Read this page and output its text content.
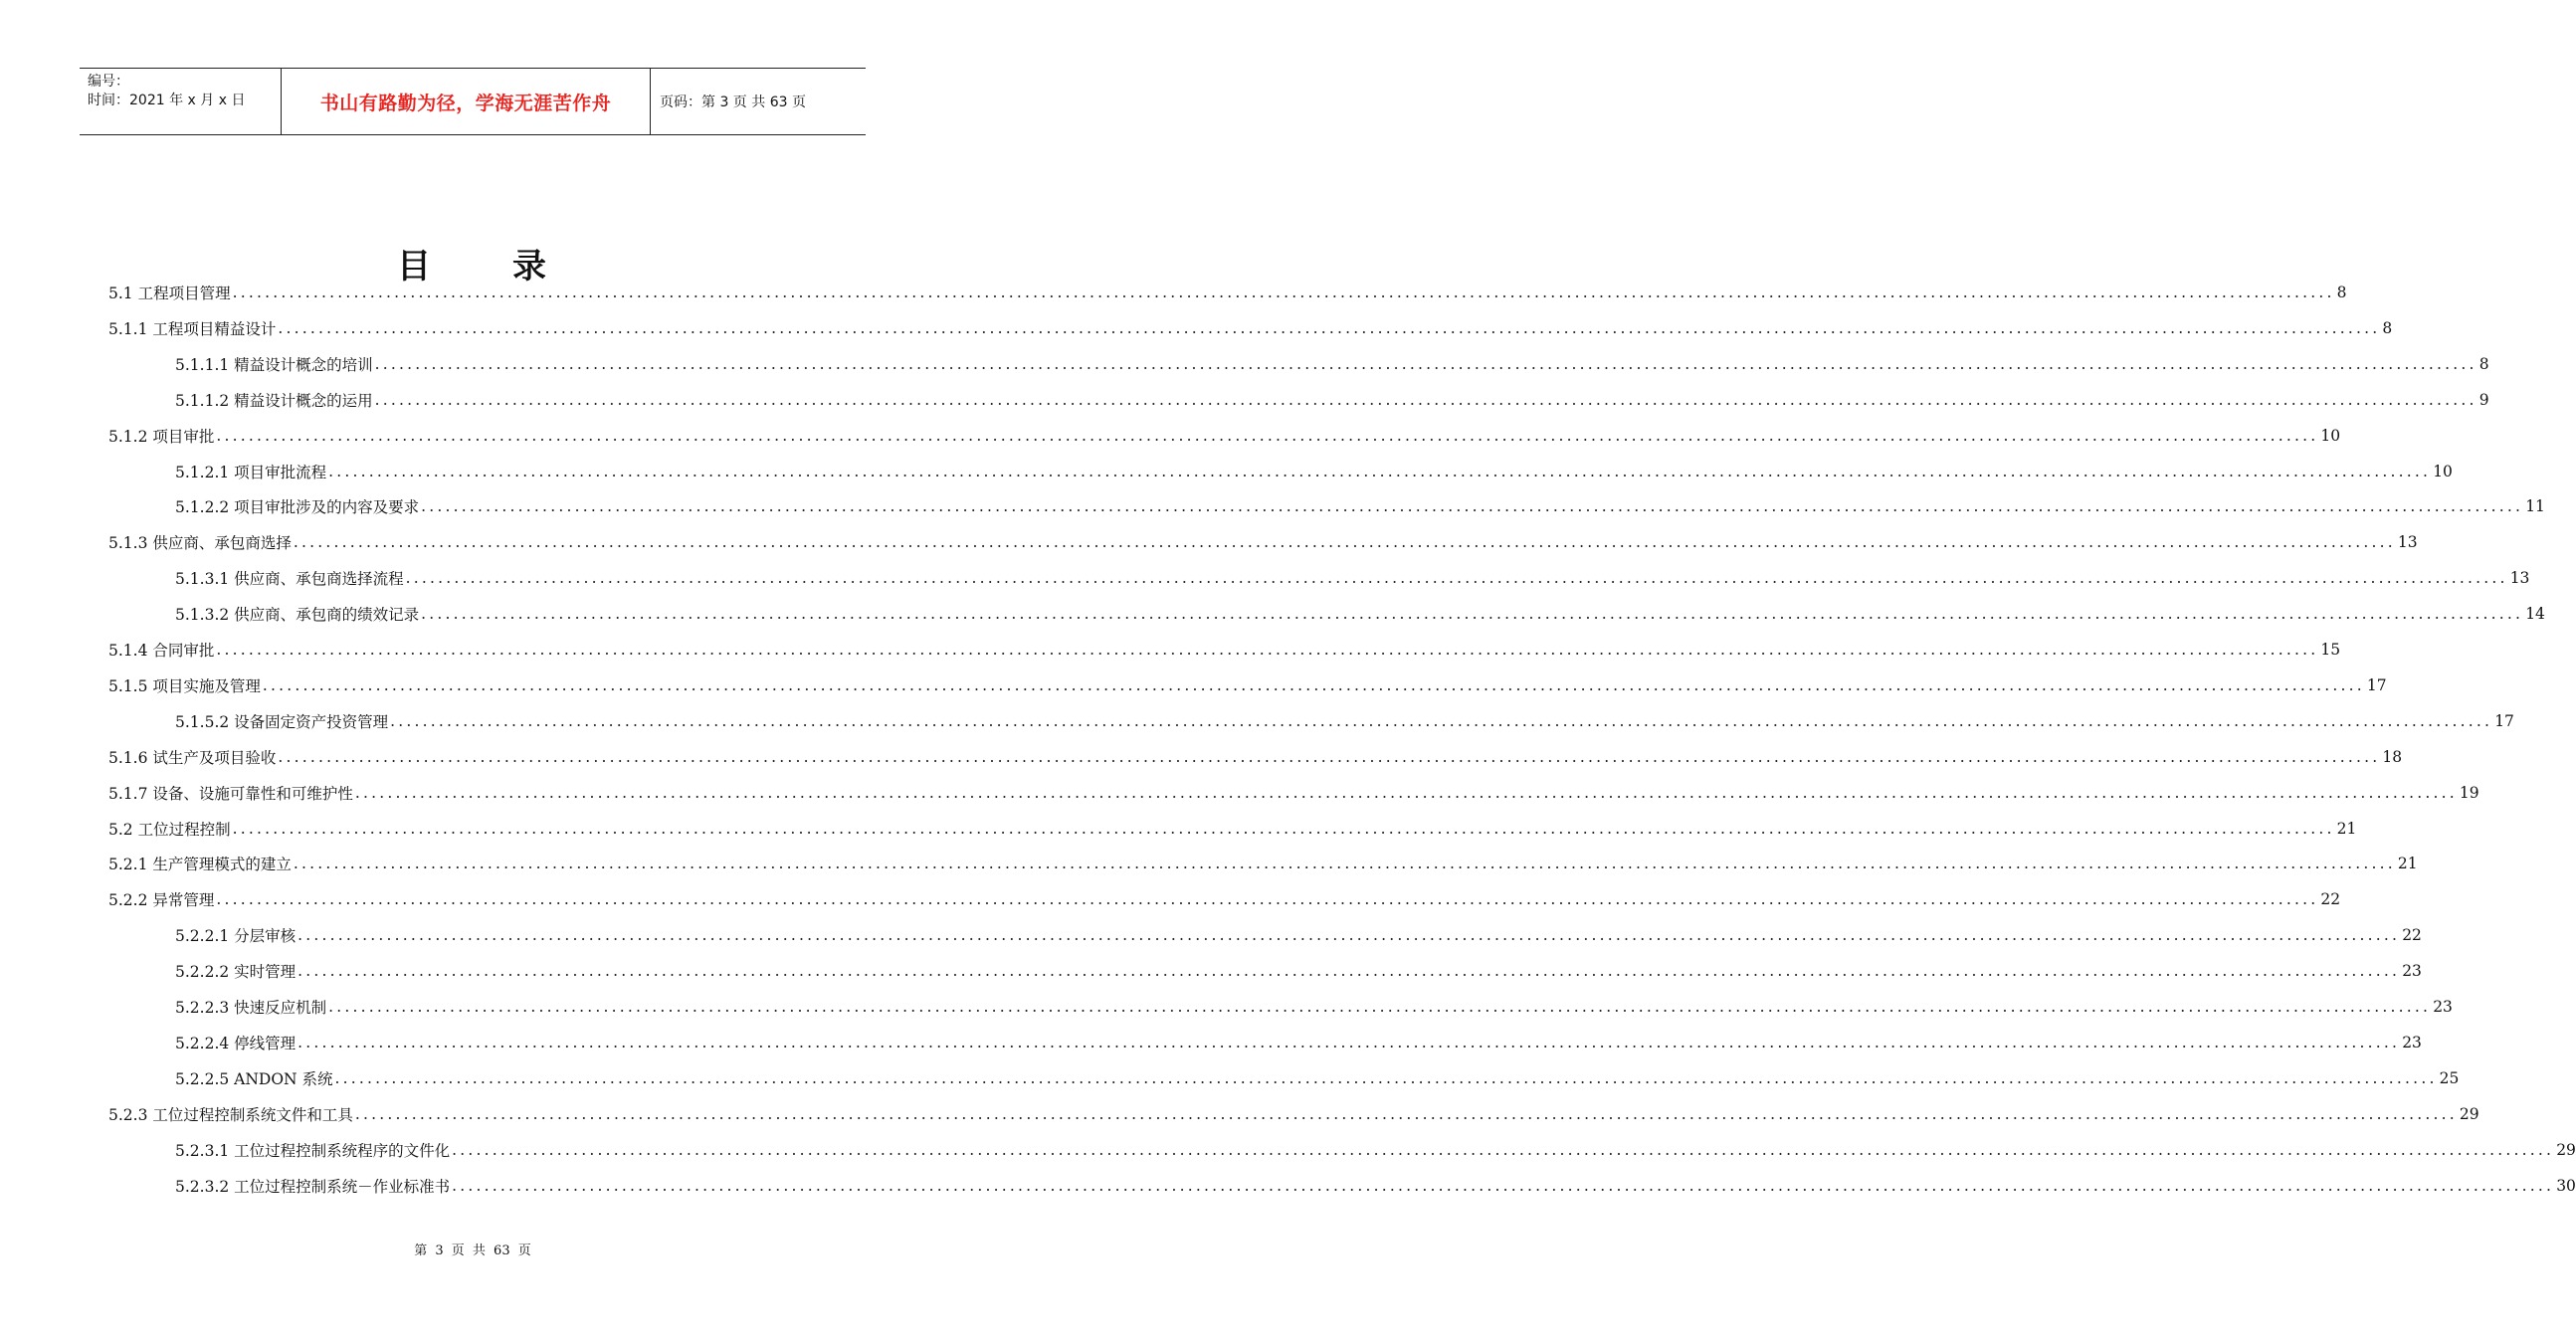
编号：
时间：2021 年 x 月 x 日	书山有路勤为径，学海无涯苦作舟	页码：第 3 页 共 63 页
目 录
5.1 工程项目管理 .................................................................................................................................................................................................................................................................... 8
5.1.1 工程项目精益设计 .................................................................................................................................................................................................................................................................... 8
5.1.1.1 精益设计概念的培训 .................................................................................................................................................................................................................................................................... 8
5.1.1.2 精益设计概念的运用 .................................................................................................................................................................................................................................................................... 9
5.1.2 项目审批 .................................................................................................................................................................................................................................................................... 10
5.1.2.1 项目审批流程 .................................................................................................................................................................................................................................................................... 10
5.1.2.2 项目审批涉及的内容及要求 .................................................................................................................................................................................................................................................................... 11
5.1.3 供应商、承包商选择 .................................................................................................................................................................................................................................................................... 13
5.1.3.1 供应商、承包商选择流程 .................................................................................................................................................................................................................................................................... 13
5.1.3.2 供应商、承包商的绩效记录 .................................................................................................................................................................................................................................................................... 14
5.1.4 合同审批 .................................................................................................................................................................................................................................................................... 15
5.1.5 项目实施及管理 .................................................................................................................................................................................................................................................................... 17
5.1.5.2 设备固定资产投资管理 .................................................................................................................................................................................................................................................................... 17
5.1.6 试生产及项目验收 .................................................................................................................................................................................................................................................................... 18
5.1.7 设备、设施可靠性和可维护性 .................................................................................................................................................................................................................................................................... 19
5.2 工位过程控制 .................................................................................................................................................................................................................................................................... 21
5.2.1 生产管理模式的建立 .................................................................................................................................................................................................................................................................... 21
5.2.2 异常管理 .................................................................................................................................................................................................................................................................... 22
5.2.2.1 分层审核 .................................................................................................................................................................................................................................................................... 22
5.2.2.2 实时管理 .................................................................................................................................................................................................................................................................... 23
5.2.2.3 快速反应机制 .................................................................................................................................................................................................................................................................... 23
5.2.2.4 停线管理 .................................................................................................................................................................................................................................................................... 23
5.2.2.5 ANDON 系统 .................................................................................................................................................................................................................................................................... 25
5.2.3 工位过程控制系统文件和工具 .................................................................................................................................................................................................................................................................... 29
5.2.3.1 工位过程控制系统程序的文件化 .................................................................................................................................................................................................................................................................... 29
5.2.3.2 工位过程控制系统－作业标准书 .................................................................................................................................................................................................................................................................... 30
第 3 页 共 63 页
